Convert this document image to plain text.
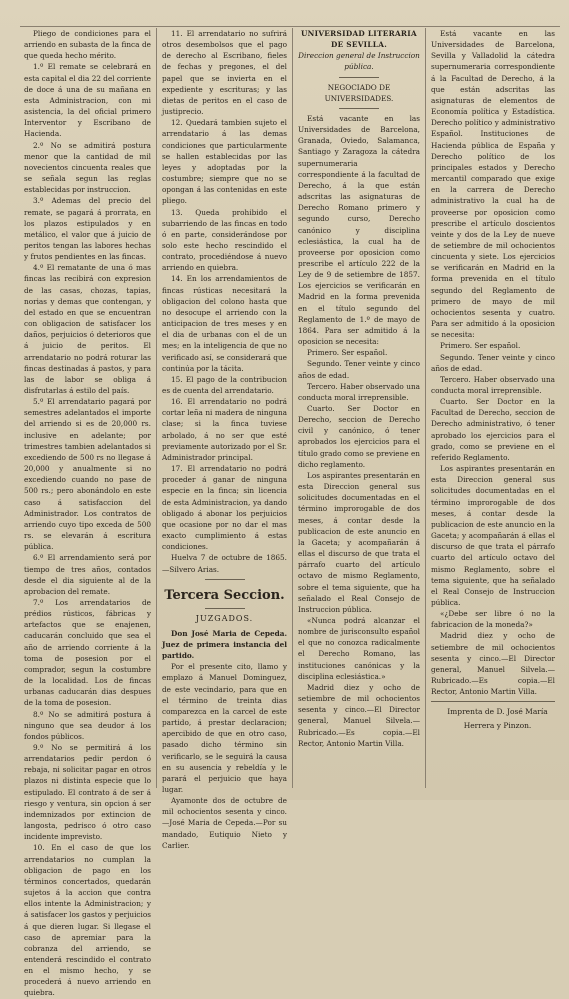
Pliego de condiciones para el arriendo en subasta de la finca de que queda hecho mérito.

1.º El remate se celebrará en esta capital el dia 22 del corriente de doce á una de su mañana en esta Administracion, con mi asistencia, la del oficial primero Interventor y Escribano de Hacienda.

2.º No se admitirá postura menor que la cantidad de mil novecientos cincuenta reales que se señala segun las reglas establecidas por instruccion.

3.º Ademas del precio del remate, se pagará á prorrata, en los plazos estipulados y en metálico, el valor que á juicio de peritos tengan las labores hechas y frutos pendientes en las fincas.

4.º El rematante de una ó mas fincas las recibirá con expresion de las casas, chozas, tapias, norias y demas que contengan, y del estado en que se encuentran con obligacion de satisfacer los daños, perjuicios ó deterioros que á juicio de peritos. El arrendatario no podrá roturar las fincas destinadas á pastos, y para las de labor se obliga á disfrutarlas á estilo del país.

5.º El arrendatario pagará por semestres adelantados el importe del arriendo si es de 20,000 rs. inclusive en adelante; por trimestres tambien adelantados si excediendo de 500 rs no llegase á 20,000 y anualmente si no excediendo cuando no pase de 500 rs.; pero abonándolo en este caso á satisfaccion del Administrador. Los contratos de arriendo cuyo tipo exceda de 500 rs. se elevarán á escritura pública.

6.º El arrendamiento será por tiempo de tres años, contados desde el dia siguiente al de la aprobacion del remate.

7.º Los arrendatarios de prédios rústicos, fábricas y artefactos que se enajenen, caducarán concluido que sea el año de arriendo corriente á la toma de posesion por el comprador, segun la costumbre de la localidad. Los de fincas urbanas caducarán dias despues de la toma de posesion.

8.º No se admitirá postura á ninguno que sea deudor á los fondos públicos.

9.º No se permitirá á los arrendatarios pedir perdon ó rebaja, ni solicitar pagar en otros plazos ni distinta especie que lo estipulado. El contrato á de ser á riesgo y ventura, sin opcion á ser indemnizados por extincion de langosta, pedrisco ó otro caso incidente imprevisto.

10. En el caso de que los arrendatarios no cumplan la obligacion de pago en los términos concertados, quedarán sujetos á la accion que contra ellos intente la Administracion; y á satisfacer los gastos y perjuicios á que dieren lugar. Si llegase el caso de apremiar para la cobranza del arriendo, se entenderá rescindido el contrato en el mismo hecho, y se procederá á nuevo arriendo en quiebra.

11. El arrendatario no sufrirá otros desembolsos que el pago de derecho al Escribano, fieles de fechas y pregones, el del papel que se invierta en el expediente y escrituras; y las dietas de peritos en el caso de justiprecio.

12. Quedará tambien sujeto el arrendatario á las demas condiciones que particularmente se hallen establecidas por las leyes y adoptadas por la costumbre; siempre que no se opongan á las contenidas en este pliego.

13. Queda prohibido el subarriendo de las fincas en todo ó en parte, considerándose por solo este hecho rescindido el contrato, procediéndose á nuevo arriendo en quiebra.

14. En los arrendamientos de fincas rústicas necesitará la obligacion del colono hasta que no desocupe el arriendo con la anticipacion de tres meses y en el dia de urbanas con el de un mes; en la inteligencia de que no verificado así, se considerará que continúa por la tácita.

15. El pago de la contribucion es de cuenta del arrendatario.

16. El arrendatario no podrá cortar leña ni madera de ninguna clase; si la finca tuviese arbolado, á no ser que esté previamente autorizado por el Sr. Administrador principal.

17. El arrendatario no podrá proceder á ganar de ninguna especie en la finca; sin licencia de esta Administracion, ya dando obligado á abonar los perjuicios que ocasione por no dar el mas exacto cumplimiento á estas condiciones.

Huelva 7 de octubre de 1865. —Silvero Arias.

Tercera Seccion.
JUZGADOS.

Don José Maria de Cepeda. Juez de primera instancia del partido.

Por el presente cito, llamo y emplazo á Manuel Dominguez, de este vecindario, para que en el término de treinta dias comparezca en la carcel de este partido, á prestar declaracion; apercibido de que en otro caso, pasado dicho término sin verificarlo, se le seguirá la causa en su ausencia y rebeldía y le parará el perjuicio que haya lugar.

Ayamonte dos de octubre de mil ochocientos sesenta y cinco.—José Maria de Cepeda.—Por su mandado, Eutiquio Nieto y Carlier.

UNIVERSIDAD LITERARIA DE SEVILLA.

Direccion general de Instruccion pública.

NEGOCIADO DE UNIVERSIDADES.

Está vacante en las Universidades de Barcelona, Granada, Oviedo, Salamanca, Santiago y Zaragoza la cátedra supernumeraria correspondiente á la facultad de Derecho, á la que están adscritas las asignaturas de Derecho Romano primero y segundo curso, Derecho canónico y disciplina eclesiástica, la cual ha de proveerse por oposicion como prescribe el artículo 222 de la Ley de 9 de setiembre de 1857. Los ejercicios se verificarán en Madrid en la forma prevenida en el título segundo del Reglamento de 1.º de mayo de 1864. Para ser admitido á la oposicion se necesita:

Primero. Ser español.

Segundo. Tener veinte y cinco años de edad.

Tercero. Haber observado una conducta moral irreprensible.

Cuarto. Ser Doctor en Derecho, seccion de Derecho civil y canónico, ó tener aprobados los ejercicios para el título grado como se previene en dicho reglamento.

Los aspirantes presentarán en esta Direccion general sus solicitudes documentadas en el término improrogable de dos meses, á contar desde la publicacion de este anuncio en la Gaceta; y acompañarán á ellas el discurso de que trata el párrafo cuarto del artículo octavo de mismo Reglamento, sobre el tema siguiente, que ha señalado el Real Consejo de Instruccion pública.

«Nunca podrá alcanzar el nombre de jurisconsulto español el que no conozca radicalmente el Derecho Romano, las instituciones canónicas y la disciplina eclesiástica.»

Madrid diez y ocho de setiembre de mil ochocientos sesenta y cinco.—El Director general, Manuel Silvela.—Rubricado.—Es copia.—El Rector, Antonio Martin Villa.

Está vacante en las Universidades de Barcelona, Sevilla y Valladolid la cátedra supernumeraria correspondiente á la Facultad de Derecho, á la que están adscritas las asignaturas de elementos de Economía política y Estadística. Derecho político y administrativo Español. Instituciones de Hacienda pública de España y Derecho político de los principales estados y Derecho mercantil comparado que exige en la carrera de Derecho administrativo la cual ha de proveerse por oposicion como prescribe el artículo doscientos veinte y dos de la Ley de nueve de setiembre de mil ochocientos cincuenta y siete. Los ejercicios se verificarán en Madrid en la forma prevenida en el título segundo del Reglamento de primero de mayo de mil ochocientos sesenta y cuatro. Para ser admitido á la oposicion se necesita:

Primero. Ser español.

Segundo. Tener veinte y cinco años de edad.

Tercero. Haber observado una conducta moral irreprensible.

Cuarto. Ser Doctor en la Facultad de Derecho, seccion de Derecho administrativo, ó tener aprobado los ejercicios para el grado, como se previene en el referido Reglamento.

Los aspirantes presentarán en esta Direccion general sus solicitudes documentadas en el término improrogable de dos meses, á contar desde la publicacion de este anuncio en la Gaceta; y acompañarán á ellas el discurso de que trata el párrafo cuarto del artículo octavo del mismo Reglamento, sobre el tema siguiente, que ha señalado el Real Consejo de Instruccion pública.

«¿Debe ser libre ó no la fabricacion de la moneda?»

Madrid diez y ocho de setiembre de mil ochocientos sesenta y cinco.—El Director general, Manuel Silvela.—Rubricado.—Es copia.—El Rector, Antonio Martin Villa.

Imprenta de D. José María

Herrera y Pinzon.
